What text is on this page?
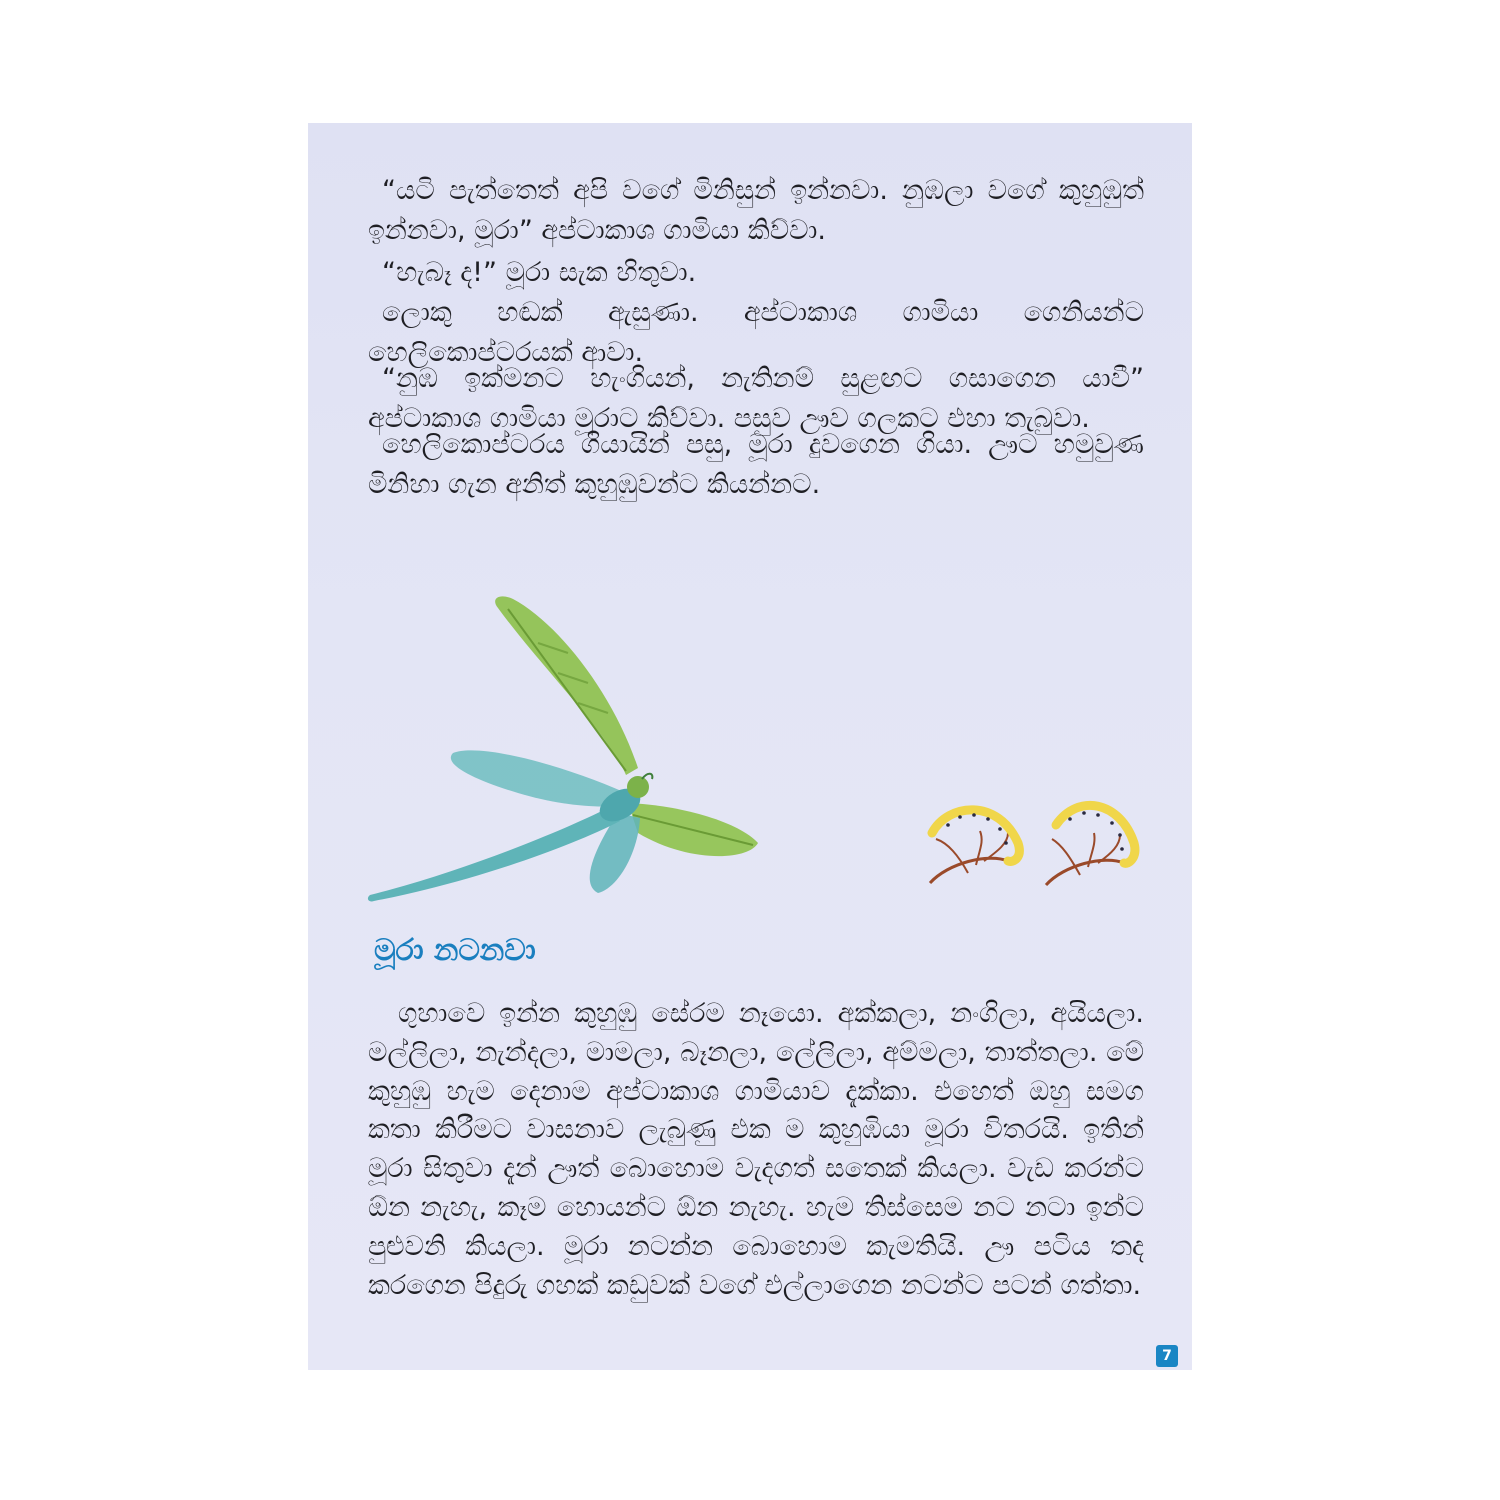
“යටි පැත්තෙත් අපි වගේ මිනිසුන් ඉන්නවා. නුඹලා වගේ කුහුඹුත් ඉන්නවා, මූරා” අප්ටාකාශ ගාමියා කිව්වා.

“හැබෑ ද!” මූරා සැක හිතුවා.

ලොකු හඬක් ඇසුණා. අප්ටාකාශ ගාමියා ගෙනියන්ට හෙලිකොප්ටරයක් ආවා.

“නුඹ ඉක්මනට හැංගියන්, නැතිනම් සුළඟට ගසාගෙන යාවී” අප්ටාකාශ ගාමියා මූරාට කිව්වා. පසුව ඌව ගලකට එහා තැබුවා.

හෙලිකොප්ටරය ගියායින් පසු, මූරා දුවගෙන ගියා. ඌට හමුවුණ මිනිහා ගැන අනිත් කුහුඹුවන්ට කියන්නට.

මූරා නටනවා

ගුහාවෙ ඉන්න කුහුඹු සේරම නෑයො. අක්කලා, නංගිලා, අයියලා. මල්ලිලා, නැන්දලා, මාමලා, බෑනලා, ලේලිලා, අම්මලා, තාත්තලා. මේ කුහුඹු හැම දෙනාම අප්ටාකාශ ගාමියාව දැක්කා. එහෙත් ඔහු සමග කතා කිරීමට වාසනාව ලැබුණු එක ම කුහුඹියා මූරා විතරයි. ඉතින් මූරා සිතුවා දැන් ඌත් බොහොම වැදගත් සතෙක් කියලා. වැඩ කරන්ට ඕන නැහැ, කෑම හොයන්ට ඕන නැහැ. හැම තිස්සෙම නට නටා ඉන්ට පුළුවනි කියලා. මූරා නටන්න බොහොම කැමතියි. ඌ පටිය තද කරගෙන පිදුරු ගහක් කඩුවක් වගේ එල්ලාගෙන නටන්ට පටන් ගත්තා.

7
